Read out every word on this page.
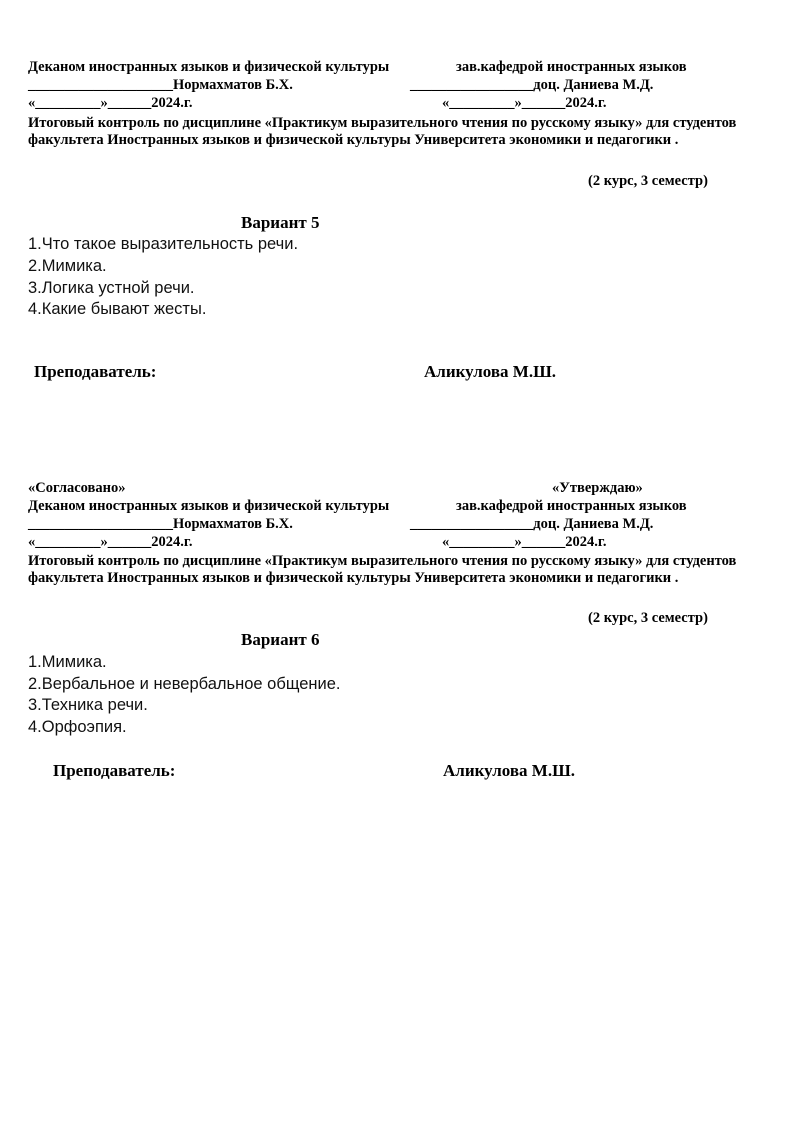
Деканом иностранных языков и физической культуры	зав.кафедрой иностранных языков
____________________Нормахматов Б.Х.	_________________доц. Даниева М.Д.
«_________»______2024.г.	«_________»______2024.г.
Итоговый контроль по дисциплине «Практикум выразительного чтения по русскому языку» для студентов факультета Иностранных языков и физической культуры Университета экономики и педагогики .
(2 курс, 3 семестр)
Вариант 5
1.Что такое выразительность речи.
2.Мимика.
3.Логика устной речи.
4.Какие бывают жесты.
Преподаватель:	Аликулова М.Ш.
«Согласовано»	«Утверждаю»
Деканом иностранных языков и физической культуры	зав.кафедрой иностранных языков
____________________Нормахматов Б.Х.	_________________доц. Даниева М.Д.
«_________»______2024.г.	«_________»______2024.г.
Итоговый контроль по дисциплине «Практикум выразительного чтения по русскому языку» для студентов факультета Иностранных языков и физической культуры Университета экономики и педагогики .
(2 курс, 3 семестр)
Вариант 6
1.Мимика.
2.Вербальное и невербальное общение.
3.Техника речи.
4.Орфоэпия.
Преподаватель:	Аликулова М.Ш.
